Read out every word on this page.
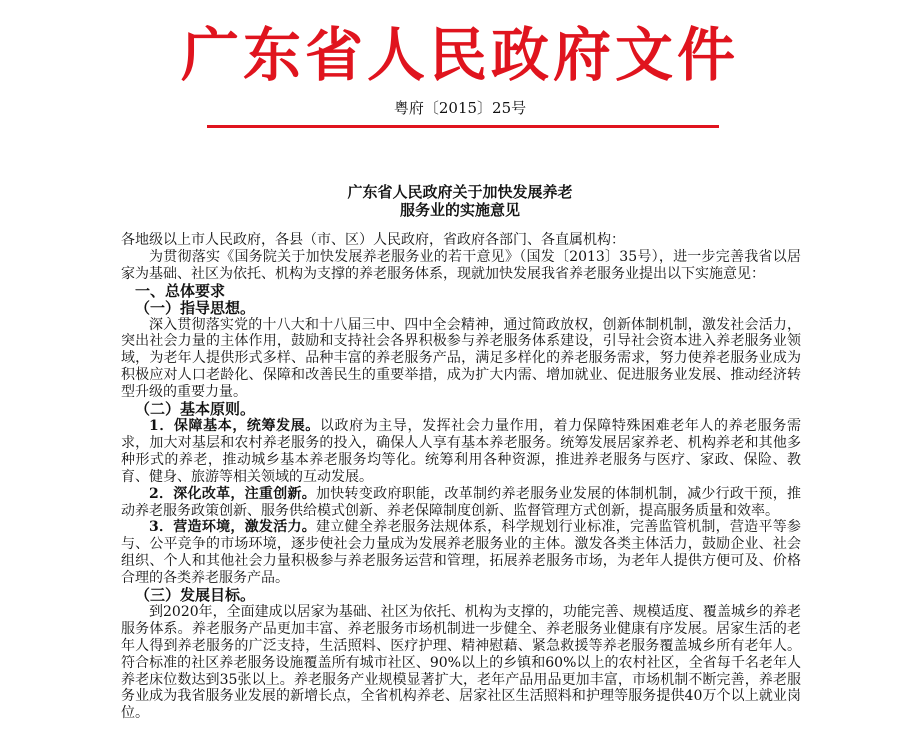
广东省人民政府文件
粤府〔2015〕25号
广东省人民政府关于加快发展养老
服务业的实施意见

各地级以上市人民政府，各县（市、区）人民政府，省政府各部门、各直属机构：

为贯彻落实《国务院关于加快发展养老服务业的若干意见》（国发〔2013〕35号），进一步完善我省以居家为基础、社区为依托、机构为支撑的养老服务体系，现就加快发展我省养老服务业提出以下实施意见：

一、总体要求

（一）指导思想。

深入贯彻落实党的十八大和十八届三中、四中全会精神，通过简政放权，创新体制机制，激发社会活力，突出社会力量的主体作用，鼓励和支持社会各界积极参与养老服务体系建设，引导社会资本进入养老服务业领域，为老年人提供形式多样、品种丰富的养老服务产品，满足多样化的养老服务需求，努力使养老服务业成为积极应对人口老龄化、保障和改善民生的重要举措，成为扩大内需、增加就业、促进服务业发展、推动经济转型升级的重要力量。

（二）基本原则。

1．保障基本，统筹发展。以政府为主导，发挥社会力量作用，着力保障特殊困难老年人的养老服务需求，加大对基层和农村养老服务的投入，确保人人享有基本养老服务。统筹发展居家养老、机构养老和其他多种形式的养老，推动城乡基本养老服务均等化。统筹利用各种资源，推进养老服务与医疗、家政、保险、教育、健身、旅游等相关领域的互动发展。

2．深化改革，注重创新。加快转变政府职能，改革制约养老服务业发展的体制机制，减少行政干预，推动养老服务政策创新、服务供给模式创新、养老保障制度创新、监督管理方式创新，提高服务质量和效率。

3．营造环境，激发活力。建立健全养老服务法规体系，科学规划行业标准，完善监管机制，营造平等参与、公平竞争的市场环境，逐步使社会力量成为发展养老服务业的主体。激发各类主体活力，鼓励企业、社会组织、个人和其他社会力量积极参与养老服务运营和管理，拓展养老服务市场，为老年人提供方便可及、价格合理的各类养老服务产品。

（三）发展目标。

到2020年，全面建成以居家为基础、社区为依托、机构为支撑的，功能完善、规模适度、覆盖城乡的养老服务体系。养老服务产品更加丰富、养老服务市场机制进一步健全、养老服务业健康有序发展。居家生活的老年人得到养老服务的广泛支持，生活照料、医疗护理、精神慰藉、紧急救援等养老服务覆盖城乡所有老年人。符合标准的社区养老服务设施覆盖所有城市社区、90%以上的乡镇和60%以上的农村社区，全省每千名老年人养老床位数达到35张以上。养老服务产业规模显著扩大，老年产品用品更加丰富，市场机制不断完善，养老服务业成为我省服务业发展的新增长点，全省机构养老、居家社区生活照料和护理等服务提供40万个以上就业岗位。
